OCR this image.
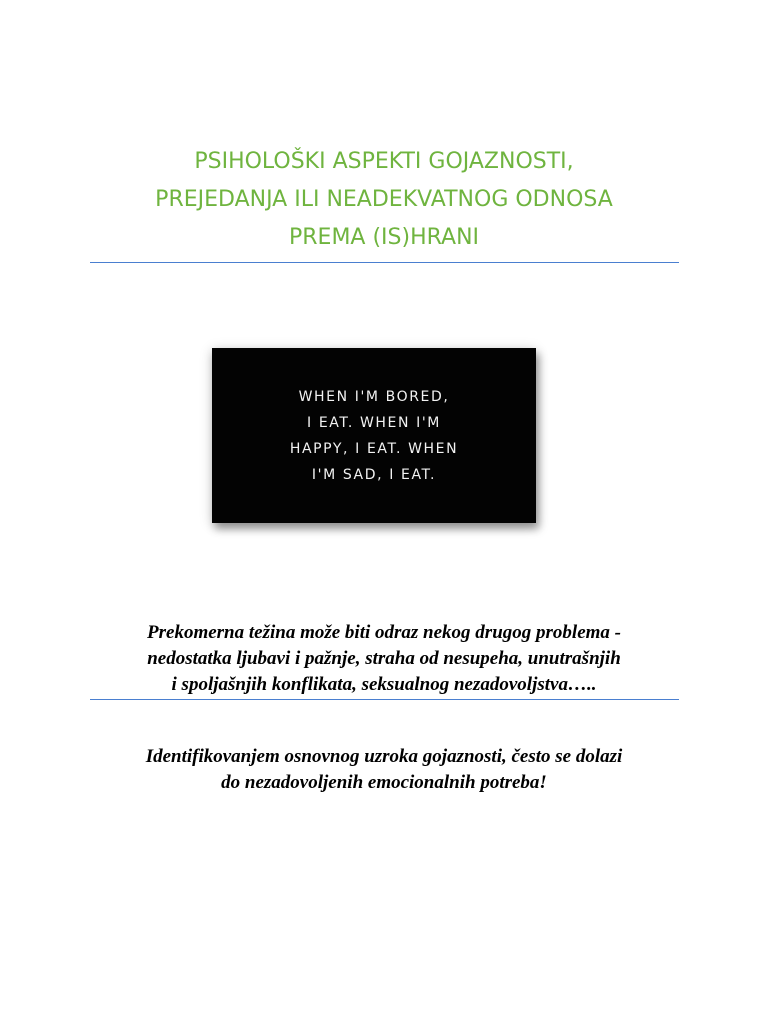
PSIHOLOŠKI ASPEKTI GOJAZNOSTI,
PREJEDANJA ILI NEADEKVATNOG ODNOSA
PREMA (IS)HRANI
WHEN I'M BORED,
I EAT. WHEN I'M
HAPPY, I EAT. WHEN
I'M SAD, I EAT.
Prekomerna težina može biti odraz nekog drugog problema -
nedostatka ljubavi i pažnje, straha od nesupeha, unutrašnjih
i spoljašnjih konflikata, seksualnog nezadovoljstva…..
Identifikovanjem osnovnog uzroka gojaznosti, često se dolazi
do nezadovoljenih emocionalnih potreba!
